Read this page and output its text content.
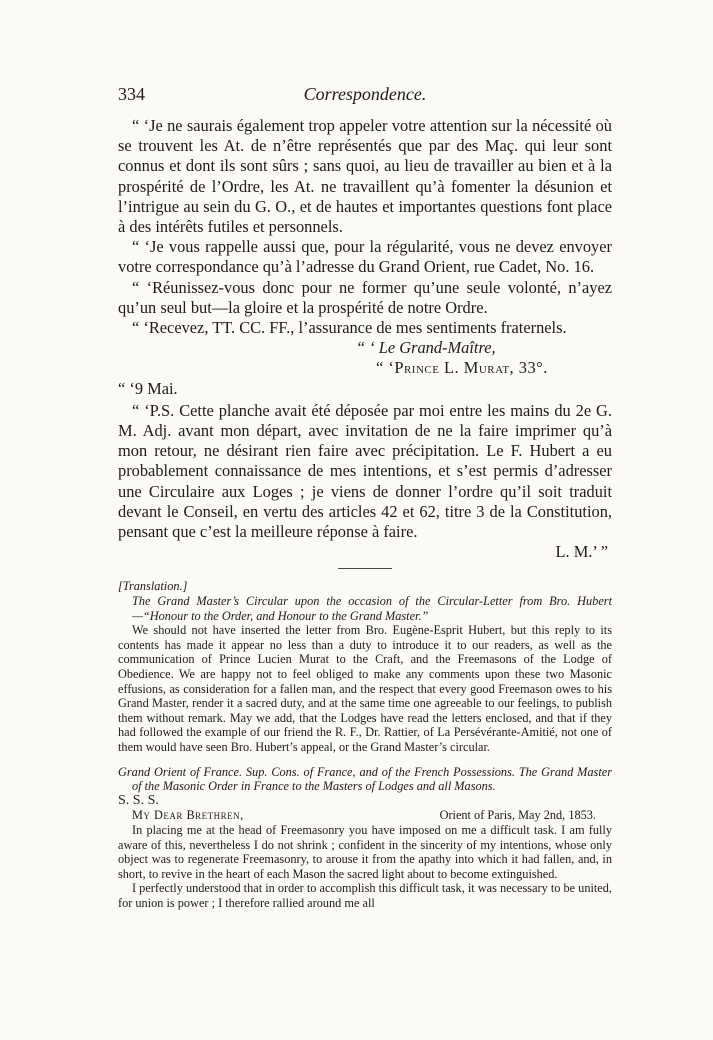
334	Correspondence.

“ ‘Je ne saurais également trop appeler votre attention sur la nécessité où se trouvent les At. de n’être représentés que par des Maç. qui leur sont connus et dont ils sont sûrs ; sans quoi, au lieu de travailler au bien et à la prospérité de l’Ordre, les At. ne travaillent qu’à fomenter la désunion et l’intrigue au sein du G. O., et de hautes et importantes questions font place à des intérêts futiles et personnels.

“ ‘Je vous rappelle aussi que, pour la régularité, vous ne devez envoyer votre correspondance qu’à l’adresse du Grand Orient, rue Cadet, No. 16.

“ ‘Réunissez-vous donc pour ne former qu’une seule volonté, n’ayez qu’un seul but—la gloire et la prospérité de notre Ordre.

“ ‘Recevez, TT. CC. FF., l’assurance de mes sentiments fraternels.

“ ‘ Le Grand-Maître,

“ ‘Prince L. Murat, 33°.

“ ‘9 Mai.

“ ‘P.S. Cette planche avait été déposée par moi entre les mains du 2e G. M. Adj. avant mon départ, avec invitation de ne la faire imprimer qu’à mon retour, ne désirant rien faire avec précipitation. Le F. Hubert a eu probablement connaissance de mes intentions, et s’est permis d’adresser une Circulaire aux Loges ; je viens de donner l’ordre qu’il soit traduit devant le Conseil, en vertu des articles 42 et 62, titre 3 de la Constitution, pensant que c’est la meilleure réponse à faire.

L. M.’ ”

[Translation.]

The Grand Master’s Circular upon the occasion of the Circular-Letter from Bro. Hubert—“Honour to the Order, and Honour to the Grand Master.”

We should not have inserted the letter from Bro. Eugène-Esprit Hubert, but this reply to its contents has made it appear no less than a duty to introduce it to our readers, as well as the communication of Prince Lucien Murat to the Craft, and the Freemasons of the Lodge of Obedience. We are happy not to feel obliged to make any comments upon these two Masonic effusions, as consideration for a fallen man, and the respect that every good Freemason owes to his Grand Master, render it a sacred duty, and at the same time one agreeable to our feelings, to publish them without remark. May we add, that the Lodges have read the letters enclosed, and that if they had followed the example of our friend the R. F., Dr. Rattier, of La Persévérante-Amitié, not one of them would have seen Bro. Hubert’s appeal, or the Grand Master’s circular.

Grand Orient of France. Sup. Cons. of France, and of the French Possessions. The Grand Master of the Masonic Order in France to the Masters of Lodges and all Masons.

S. S. S.

My Dear Brethren,	Orient of Paris, May 2nd, 1853.

In placing me at the head of Freemasonry you have imposed on me a difficult task. I am fully aware of this, nevertheless I do not shrink ; confident in the sincerity of my intentions, whose only object was to regenerate Freemasonry, to arouse it from the apathy into which it had fallen, and, in short, to revive in the heart of each Mason the sacred light about to become extinguished.

I perfectly understood that in order to accomplish this difficult task, it was necessary to be united, for union is power ; I therefore rallied around me all
